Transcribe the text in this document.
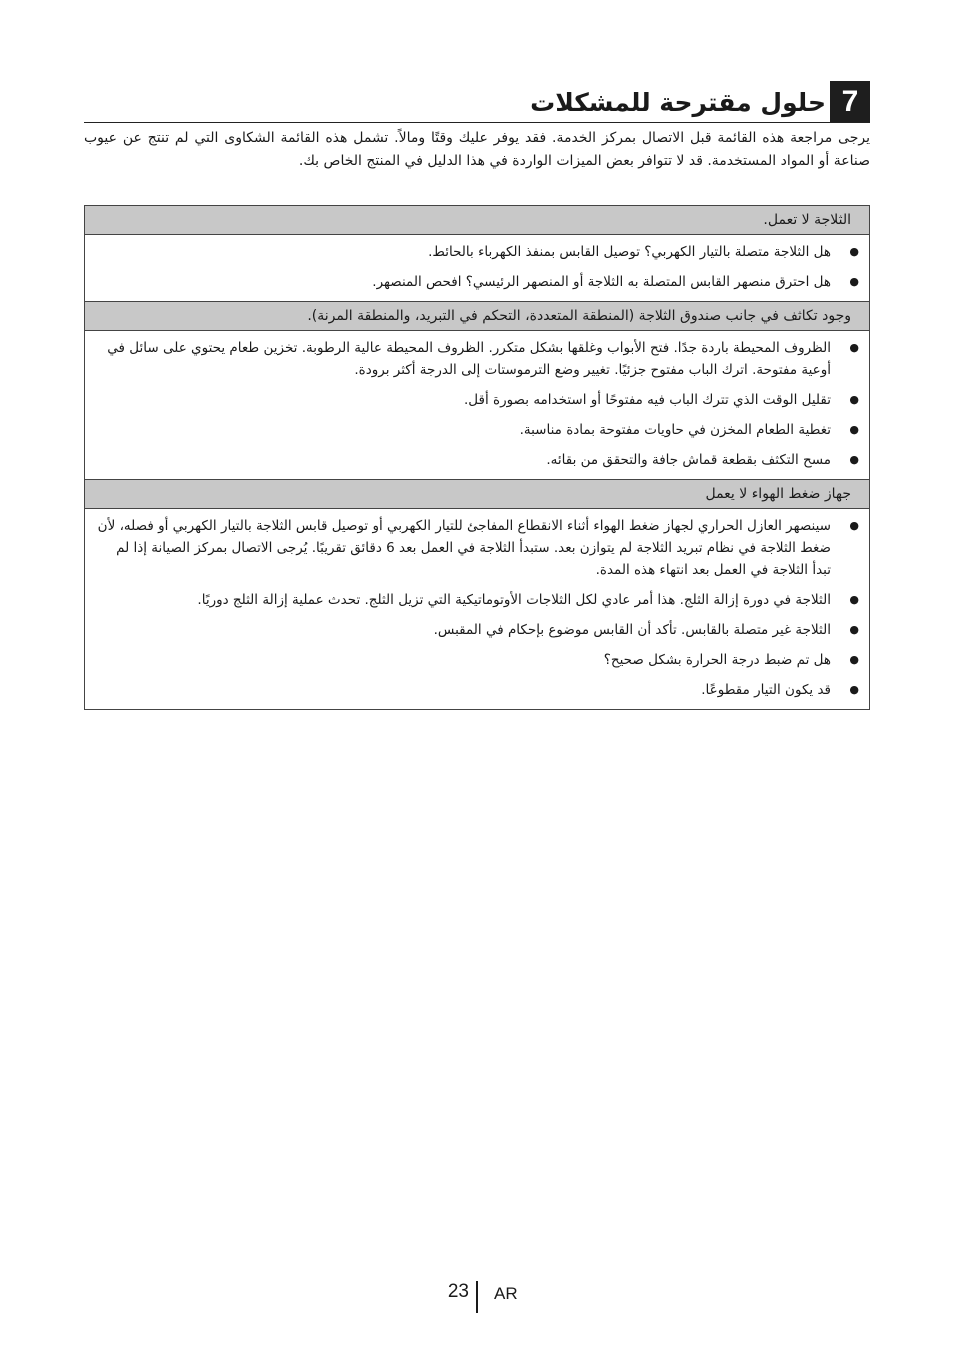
7
حلول مقترحة للمشكلات

يرجى مراجعة هذه القائمة قبل الاتصال بمركز الخدمة. فقد يوفر عليك وقتًا ومالاً. تشمل هذه القائمة الشكاوى التي لم تنتج عن عيوب صناعة أو المواد المستخدمة. قد لا تتوافر بعض الميزات الواردة في هذا الدليل في المنتج الخاص بك.

الثلاجة لا تعمل.
●
هل الثلاجة متصلة بالتيار الكهربي؟ توصيل القابس بمنفذ الكهرباء بالحائط.
●
هل احترق منصهر القابس المتصلة به الثلاجة أو المنصهر الرئيسي؟ افحص المنصهر.
وجود تكاثف في جانب صندوق الثلاجة (المنطقة المتعددة، التحكم في التبريد، والمنطقة المرنة).
●
الظروف المحيطة باردة جدًا. فتح الأبواب وغلقها بشكل متكرر. الظروف المحيطة عالية الرطوبة. تخزين طعام يحتوي على سائل في أوعية مفتوحة. اترك الباب مفتوح جزئيًا. تغيير وضع الترموستات إلى الدرجة أكثر برودة.
●
تقليل الوقت الذي تترك الباب فيه مفتوحًا أو استخدامه بصورة أقل.
●
تغطية الطعام المخزن في حاويات مفتوحة بمادة مناسبة.
●
مسح التكثف بقطعة قماش جافة والتحقق من بقائه.
جهاز ضغط الهواء لا يعمل
●
سينصهر العازل الحراري لجهاز ضغط الهواء أثناء الانقطاع المفاجئ للتيار الكهربي أو توصيل قابس الثلاجة بالتيار الكهربي أو فصله، لأن ضغط الثلاجة في نظام تبريد الثلاجة لم يتوازن بعد. ستبدأ الثلاجة في العمل بعد 6 دقائق تقريبًا. يُرجى الاتصال بمركز الصيانة إذا لم تبدأ الثلاجة في العمل بعد انتهاء هذه المدة.
●
الثلاجة في دورة إزالة الثلج. هذا أمر عادي لكل الثلاجات الأوتوماتيكية التي تزيل الثلج. تحدث عملية إزالة الثلج دوريًا.
●
الثلاجة غير متصلة بالقابس. تأكد أن القابس موضوع بإحكام في المقبس.
●
هل تم ضبط درجة الحرارة بشكل صحيح؟
●
قد يكون التيار مقطوعًا.
23 AR
